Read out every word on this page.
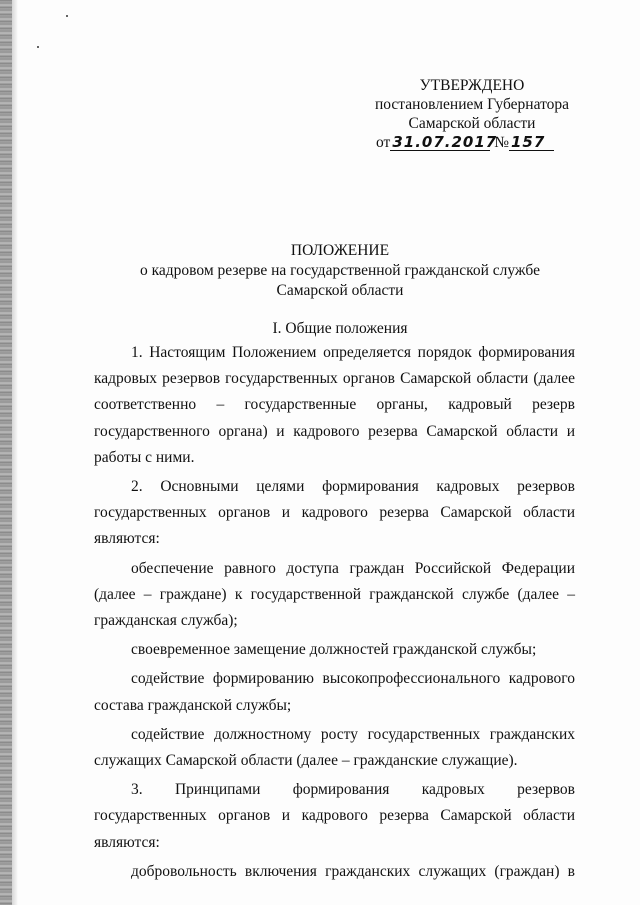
УТВЕРЖДЕНО
постановлением Губернатора
Самарской области
от 31.07.2017 № 157
ПОЛОЖЕНИЕ
о кадровом резерве на государственной гражданской службе
Самарской области
I. Общие положения

1. Настоящим Положением определяется порядок формирования кадровых резервов государственных органов Самарской области (далее соответственно – государственные органы, кадровый резерв государственного органа) и кадрового резерва Самарской области и работы с ними.

2. Основными целями формирования кадровых резервов государственных органов и кадрового резерва Самарской области являются:

обеспечение равного доступа граждан Российской Федерации (далее – граждане) к государственной гражданской службе (далее – гражданская служба);

своевременное замещение должностей гражданской службы;

содействие формированию высокопрофессионального кадрового состава гражданской службы;

содействие должностному росту государственных гражданских служащих Самарской области (далее – гражданские служащие).

3. Принципами формирования кадровых резервов государственных органов и кадрового резерва Самарской области являются:

добровольность включения гражданских служащих (граждан) в
